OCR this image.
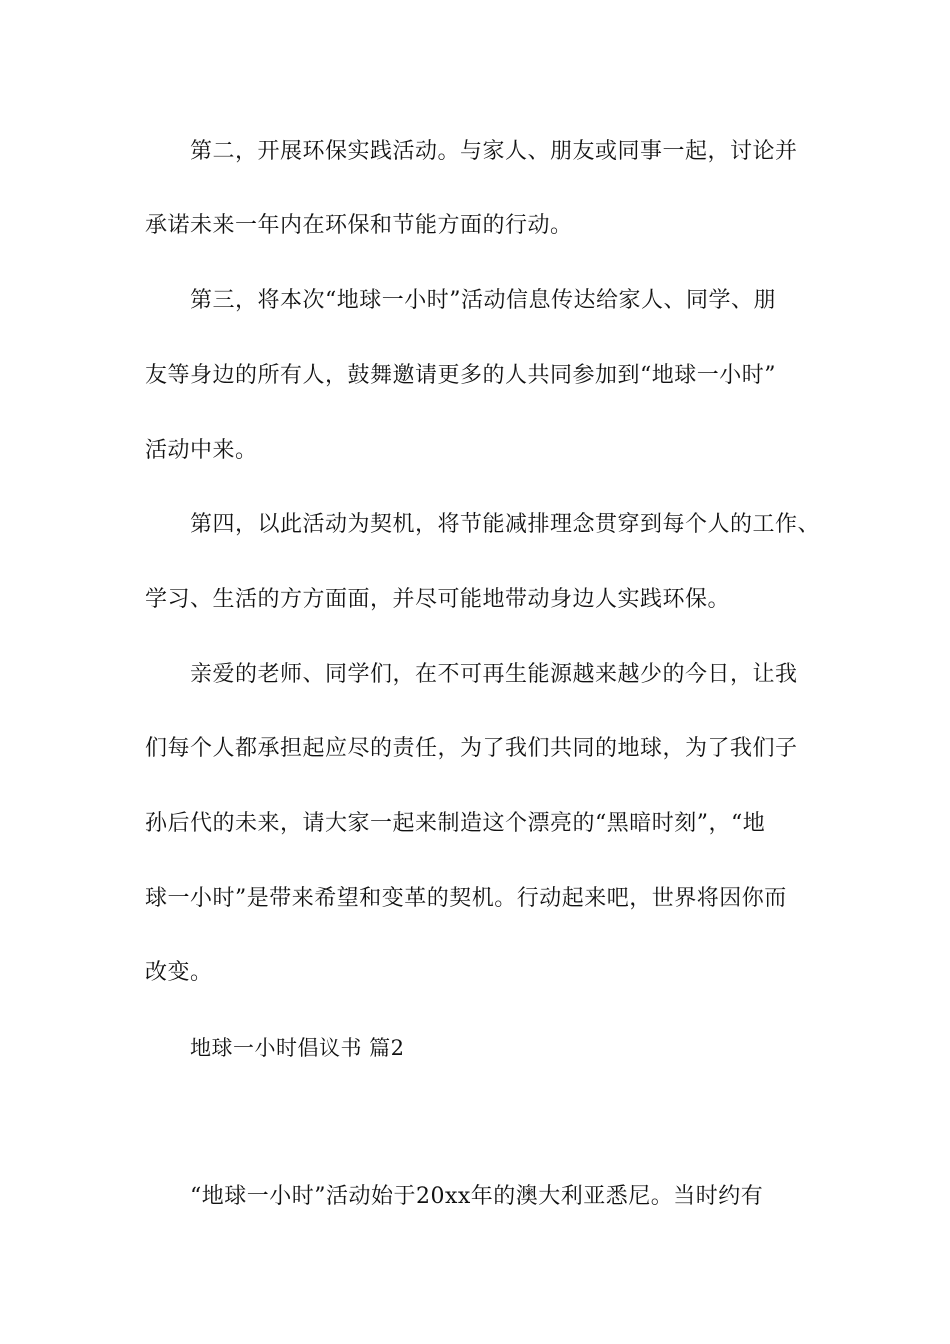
第二，开展环保实践活动。与家人、朋友或同事一起，讨论并
承诺未来一年内在环保和节能方面的行动。
第三，将本次“地球一小时”活动信息传达给家人、同学、朋
友等身边的所有人，鼓舞邀请更多的人共同参加到“地球一小时”
活动中来。
第四，以此活动为契机，将节能减排理念贯穿到每个人的工作、
学习、生活的方方面面，并尽可能地带动身边人实践环保。
亲爱的老师、同学们，在不可再生能源越来越少的今日，让我
们每个人都承担起应尽的责任，为了我们共同的地球，为了我们子
孙后代的未来，请大家一起来制造这个漂亮的“黑暗时刻”，“地
球一小时”是带来希望和变革的契机。行动起来吧，世界将因你而
改变。
地球一小时倡议书 篇2
“地球一小时”活动始于20xx年的澳大利亚悉尼。当时约有
